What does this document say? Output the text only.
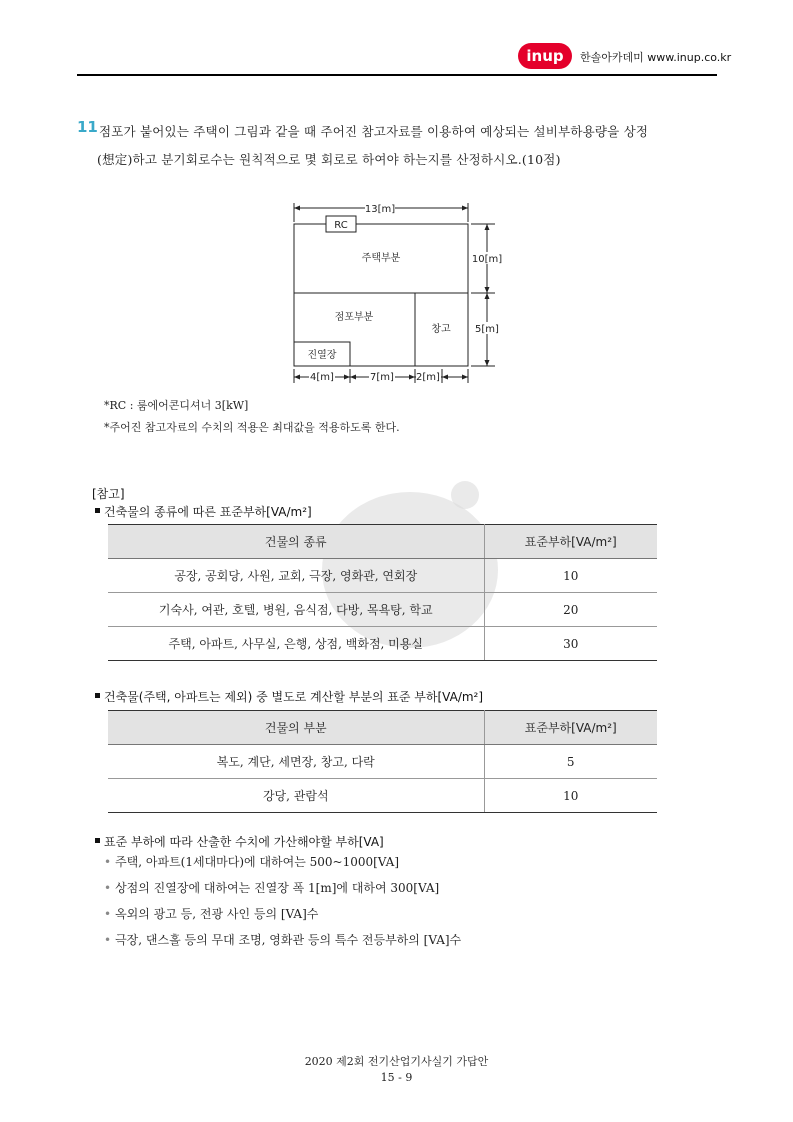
inup	한솔아카데미 www.inup.co.kr
11 점포가 붙어있는 주택이 그림과 같을 때 주어진 참고자료를 이용하여 예상되는 설비부하용량을 상정
(想定)하고 분기회로수는 원칙적으로 몇 회로로 하여야 하는지를 산정하시오.(10점)
13[m]
RC
주택부분
점포부분
창고
진열장
10[m]
5[m]
4[m]	7[m] 2[m]
*RC : 룸에어콘디셔너 3[kW]
*주어진 참고자료의 수치의 적용은 최대값을 적용하도록 한다.
[참고]
건축물의 종류에 따른 표준부하[VA/m²]
건물의 종류	표준부하[VA/m²]
공장, 공회당, 사원, 교회, 극장, 영화관, 연회장	10
기숙사, 여관, 호텔, 병원, 음식점, 다방, 목욕탕, 학교	20
주택, 아파트, 사무실, 은행, 상점, 백화점, 미용실	30
건축물(주택, 아파트는 제외) 중 별도로 계산할 부분의 표준 부하[VA/m²]
건물의 부분	표준부하[VA/m²]
복도, 계단, 세면장, 창고, 다락	5
강당, 관람석	10
표준 부하에 따라 산출한 수치에 가산해야할 부하[VA]
• 주택, 아파트(1세대마다)에 대하여는 500~1000[VA]
• 상점의 진열장에 대하여는 진열장 폭 1[m]에 대하여 300[VA]
• 옥외의 광고 등, 전광 사인 등의 [VA]수
• 극장, 댄스홀 등의 무대 조명, 영화관 등의 특수 전등부하의 [VA]수
2020 제2회 전기산업기사실기 가답안
15 - 9
